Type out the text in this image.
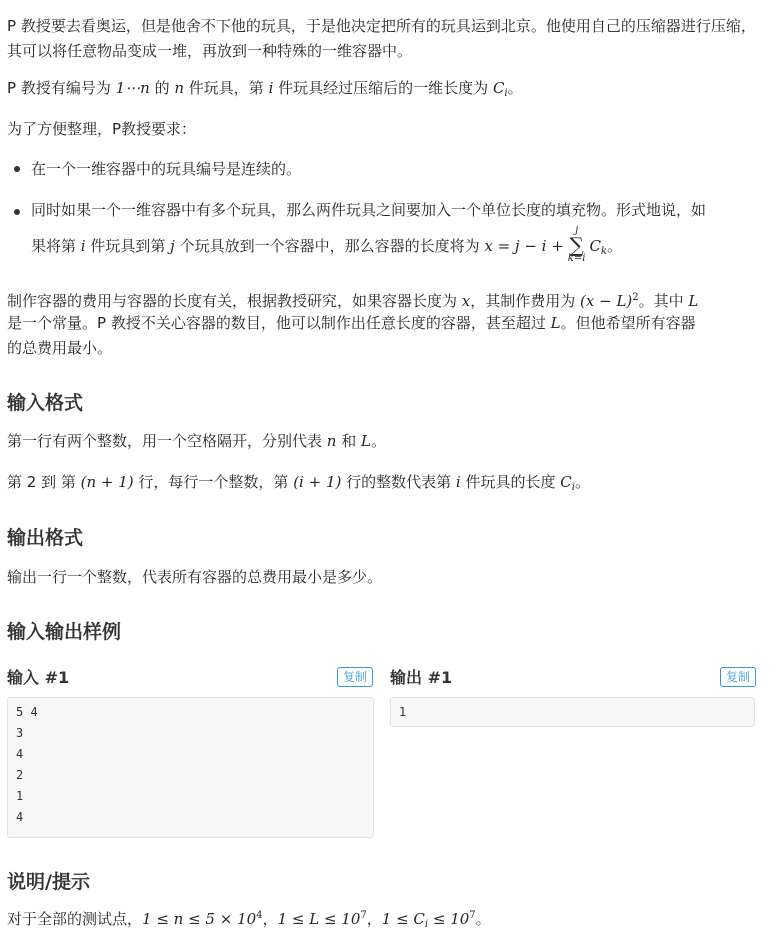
P 教授要去看奥运，但是他舍不下他的玩具，于是他决定把所有的玩具运到北京。他使用自己的压缩器进行压缩，其可以将任意物品变成一堆，再放到一种特殊的一维容器中。

P 教授有编号为 1⋯n 的 n 件玩具，第 i 件玩具经过压缩后的一维长度为 $C_i$。
为了方便整理，P教授要求：
在一个一维容器中的玩具编号是连续的。
同时如果一个一维容器中有多个玩具，那么两件玩具之间要加入一个单位长度的填充物。形式地说，如
果将第 i 件玩具到第 j 个玩具放到一个容器中，那么容器的长度将为 x = j − i +
j
∑
k=i
$C_k$。
制作容器的费用与容器的长度有关，根据教授研究，如果容器长度为 x，其制作费用为 $(x - L)^2$。其中 L
是一个常量。P 教授不关心容器的数目，他可以制作出任意长度的容器，甚至超过 L。但他希望所有容器
的总费用最小。
输入格式
第一行有两个整数，用一个空格隔开，分别代表 n 和 L。
第 2 到 第 (n + 1) 行，每行一个整数，第 (i + 1) 行的整数代表第 i 件玩具的长度 $C_i$。
输出格式
输出一行一个整数，代表所有容器的总费用最小是多少。
输入输出样例
输入 #1	复制
5 4
3
4
2
1
4
输出 #1	复制
1
说明/提示
对于全部的测试点，$1 \le n \le 5 \times 10^4$，$1 \le L \le 10^7$，$1 \le C_i \le 10^7$。
